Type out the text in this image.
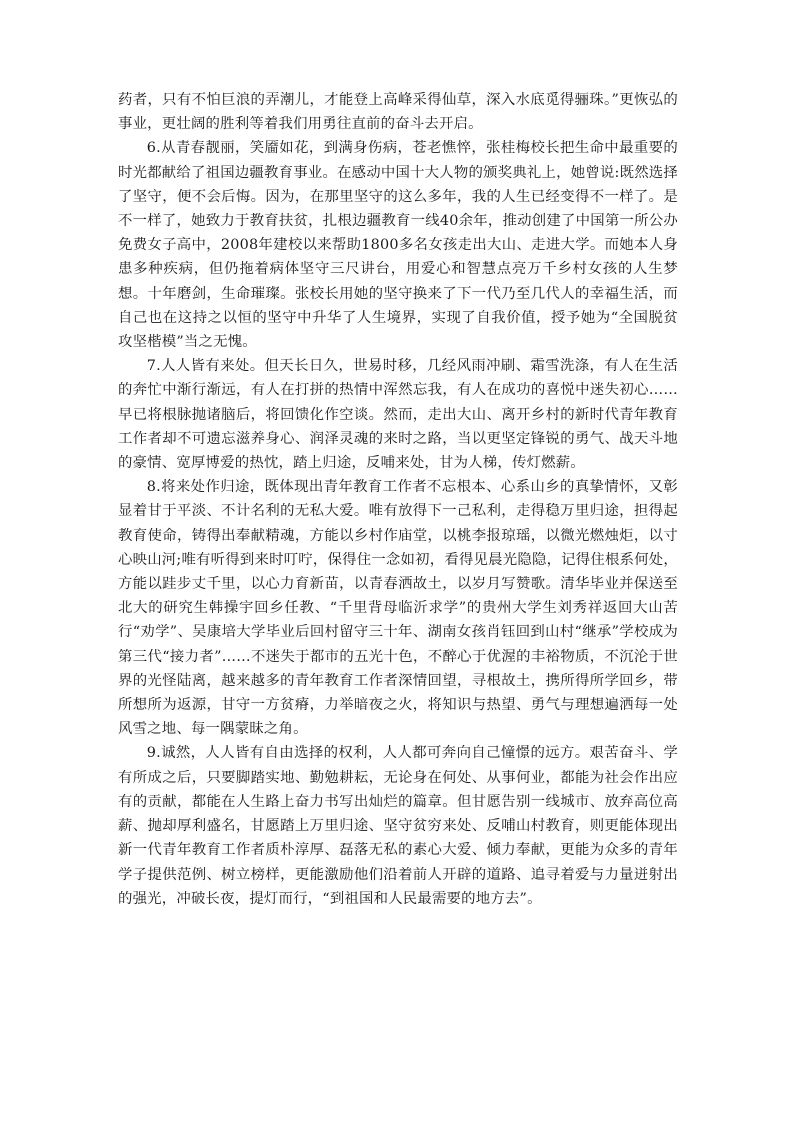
药者，只有不怕巨浪的弄潮儿，才能登上高峰采得仙草，深入水底觅得骊珠。”更恢弘的事业，更壮阔的胜利等着我们用勇往直前的奋斗去开启。

6.从青春靓丽，笑靥如花，到满身伤病，苍老憔悴，张桂梅校长把生命中最重要的时光都献给了祖国边疆教育事业。在感动中国十大人物的颁奖典礼上，她曾说:既然选择了坚守，便不会后悔。因为，在那里坚守的这么多年，我的人生已经变得不一样了。是不一样了，她致力于教育扶贫，扎根边疆教育一线40余年，推动创建了中国第一所公办免费女子高中，2008年建校以来帮助1800多名女孩走出大山、走进大学。而她本人身患多种疾病，但仍拖着病体坚守三尺讲台，用爱心和智慧点亮万千乡村女孩的人生梦想。十年磨剑，生命璀璨。张校长用她的坚守换来了下一代乃至几代人的幸福生活，而自己也在这持之以恒的坚守中升华了人生境界，实现了自我价值，授予她为“全国脱贫攻坚楷模”当之无愧。

7.人人皆有来处。但天长日久，世易时移，几经风雨冲刷、霜雪洗涤，有人在生活的奔忙中渐行渐远，有人在打拼的热情中浑然忘我，有人在成功的喜悦中迷失初心……早已将根脉抛诸脑后，将回馈化作空谈。然而，走出大山、离开乡村的新时代青年教育工作者却不可遗忘滋养身心、润泽灵魂的来时之路，当以更坚定锋锐的勇气、战天斗地的豪情、宽厚博爱的热忱，踏上归途，反哺来处，甘为人梯，传灯燃薪。

8.将来处作归途，既体现出青年教育工作者不忘根本、心系山乡的真挚情怀，又彰显着甘于平淡、不计名利的无私大爱。唯有放得下一己私利，走得稳万里归途，担得起教育使命，铸得出奉献精魂，方能以乡村作庙堂，以桃李报琼瑶，以微光燃烛炬，以寸心映山河;唯有听得到来时叮咛，保得住一念如初，看得见晨光隐隐，记得住根系何处，方能以跬步丈千里，以心力育新苗，以青春洒故土，以岁月写赞歌。清华毕业并保送至北大的研究生韩操宇回乡任教、“千里背母临沂求学”的贵州大学生刘秀祥返回大山苦行“劝学”、吴康培大学毕业后回村留守三十年、湖南女孩肖钰回到山村“继承”学校成为第三代“接力者”……不迷失于都市的五光十色，不醉心于优渥的丰裕物质，不沉沦于世界的光怪陆离，越来越多的青年教育工作者深情回望，寻根故土，携所得所学回乡，带所想所为返源，甘守一方贫瘠，力举暗夜之火，将知识与热望、勇气与理想遍洒每一处风雪之地、每一隅蒙昧之角。

9.诚然，人人皆有自由选择的权利，人人都可奔向自己憧憬的远方。艰苦奋斗、学有所成之后，只要脚踏实地、勤勉耕耘，无论身在何处、从事何业，都能为社会作出应有的贡献，都能在人生路上奋力书写出灿烂的篇章。但甘愿告别一线城市、放弃高位高薪、抛却厚利盛名，甘愿踏上万里归途、坚守贫穷来处、反哺山村教育，则更能体现出新一代青年教育工作者质朴淳厚、磊落无私的素心大爱、倾力奉献，更能为众多的青年学子提供范例、树立榜样，更能激励他们沿着前人开辟的道路、追寻着爱与力量迸射出的强光，冲破长夜，提灯而行，“到祖国和人民最需要的地方去”。
